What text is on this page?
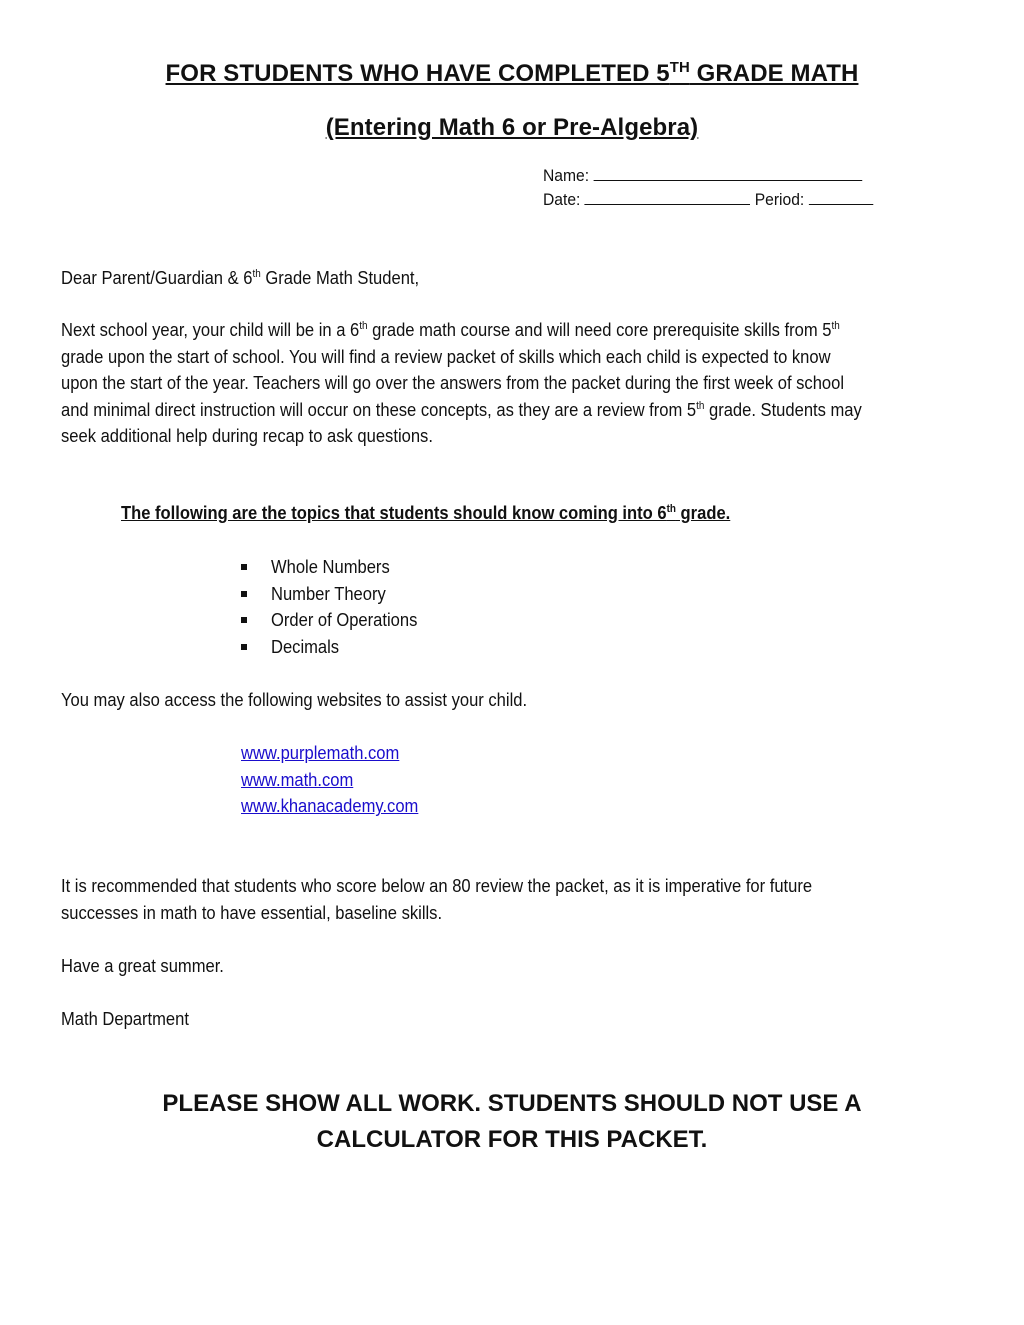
FOR STUDENTS WHO HAVE COMPLETED 5TH GRADE MATH
(Entering Math 6 or Pre-Algebra)
Name:
Date:	Period:
Dear Parent/Guardian & 6th Grade Math Student,
Next school year, your child will be in a 6th grade math course and will need core prerequisite skills from 5th
grade upon the start of school. You will find a review packet of skills which each child is expected to know
upon the start of the year. Teachers will go over the answers from the packet during the first week of school
and minimal direct instruction will occur on these concepts, as they are a review from 5th grade. Students may
seek additional help during recap to ask questions.
The following are the topics that students should know coming into 6th grade.
Whole Numbers
Number Theory
Order of Operations
Decimals
You may also access the following websites to assist your child.
www.purplemath.com
www.math.com
www.khanacademy.com
It is recommended that students who score below an 80 review the packet, as it is imperative for future
successes in math to have essential, baseline skills.
Have a great summer.
Math Department
PLEASE SHOW ALL WORK. STUDENTS SHOULD NOT USE A
CALCULATOR FOR THIS PACKET.
